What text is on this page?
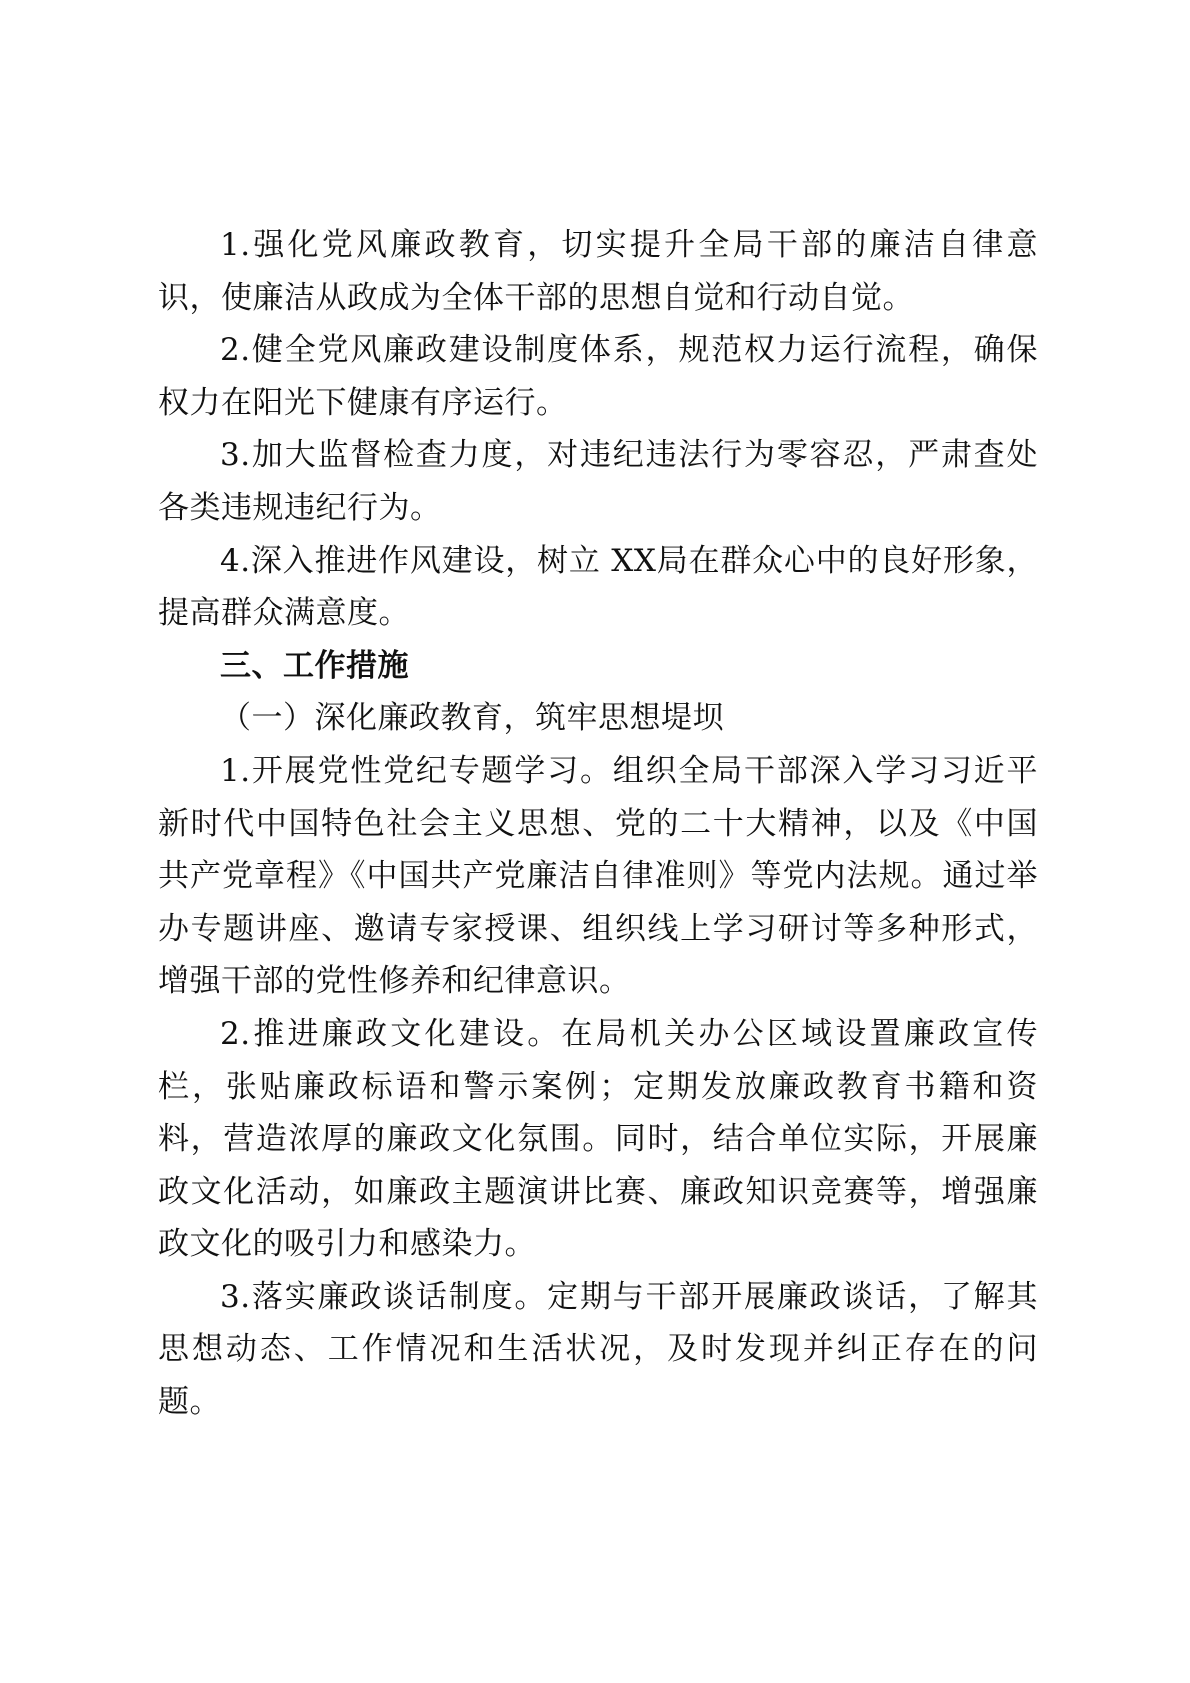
1.强化党风廉政教育，切实提升全局干部的廉洁自律意识，使廉洁从政成为全体干部的思想自觉和行动自觉。

2.健全党风廉政建设制度体系，规范权力运行流程，确保权力在阳光下健康有序运行。

3.加大监督检查力度，对违纪违法行为零容忍，严肃查处各类违规违纪行为。

4.深入推进作风建设，树立 XX局在群众心中的良好形象，提高群众满意度。

三、工作措施

（一）深化廉政教育，筑牢思想堤坝

1.开展党性党纪专题学习。组织全局干部深入学习习近平新时代中国特色社会主义思想、党的二十大精神，以及《中国共产党章程》《中国共产党廉洁自律准则》等党内法规。通过举办专题讲座、邀请专家授课、组织线上学习研讨等多种形式，增强干部的党性修养和纪律意识。

2.推进廉政文化建设。在局机关办公区域设置廉政宣传栏，张贴廉政标语和警示案例；定期发放廉政教育书籍和资料，营造浓厚的廉政文化氛围。同时，结合单位实际，开展廉政文化活动，如廉政主题演讲比赛、廉政知识竞赛等，增强廉政文化的吸引力和感染力。

3.落实廉政谈话制度。定期与干部开展廉政谈话，了解其思想动态、工作情况和生活状况，及时发现并纠正存在的问题。
